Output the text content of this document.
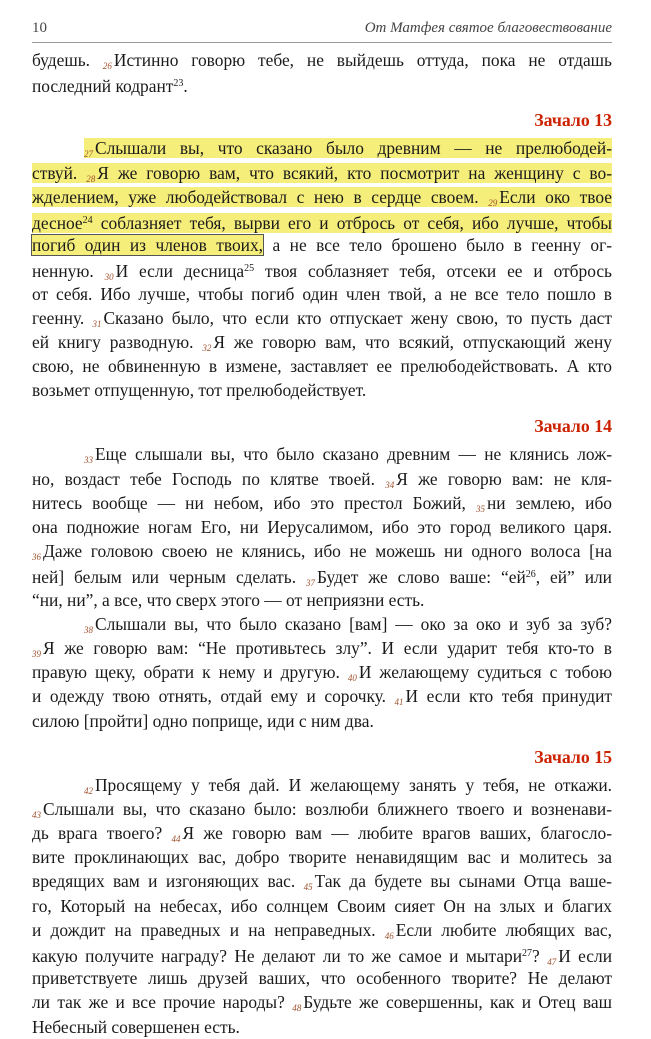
10	От Матфея святое благовествование
будешь. 26 Истинно говорю тебе, не выйдешь оттуда, пока не отдашь
последний кодрант$^{23}$.
Зачало 13
27 Слышали вы, что сказано было древним — не прелюбодей-
ствуй. 28 Я же говорю вам, что всякий, кто посмотрит на женщину с во-
жделением, уже любодействовал с нею в сердце своем. 29 Если око твое
десное$^{24}$ соблазняет тебя, вырви его и отбрось от себя, ибо лучше, чтобы
погиб один из членов твоих, а не все тело брошено было в геенну ог-
ненную. 30 И если десница$^{25}$ твоя соблазняет тебя, отсеки ее и отбрось
от себя. Ибо лучше, чтобы погиб один член твой, а не все тело пошло в
геенну. 31 Сказано было, что если кто отпускает жену свою, то пусть даст
ей книгу разводную. 32 Я же говорю вам, что всякий, отпускающий жену
свою, не обвиненную в измене, заставляет ее прелюбодействовать. А кто
возьмет отпущенную, тот прелюбодействует.
Зачало 14
33 Еще слышали вы, что было сказано древним — не клянись лож-
но, воздаст тебе Господь по клятве твоей. 34 Я же говорю вам: не кля-
нитесь вообще — ни небом, ибо это престол Божий, 35 ни землею, ибо
она подножие ногам Его, ни Иерусалимом, ибо это город великого царя.
36 Даже головою своею не клянись, ибо не можешь ни одного волоса [на
ней] белым или черным сделать. 37 Будет же слово ваше: “ей$^{26}$, ей” или
“ни, ни”, а все, что сверх этого — от неприязни есть.
38 Слышали вы, что было сказано [вам] — око за око и зуб за зуб?
39 Я же говорю вам: “Не противьтесь злу”. И если ударит тебя кто-то в
правую щеку, обрати к нему и другую. 40 И желающему судиться с тобою
и одежду твою отнять, отдай ему и сорочку. 41 И если кто тебя принудит
силою [пройти] одно поприще, иди с ним два.
Зачало 15
42 Просящему у тебя дай. И желающему занять у тебя, не откажи.
43 Слышали вы, что сказано было: возлюби ближнего твоего и возненави-
дь врага твоего? 44 Я же говорю вам — любите врагов ваших, благосло-
вите проклинающих вас, добро творите ненавидящим вас и молитесь за
вредящих вам и изгоняющих вас. 45 Так да будете вы сынами Отца ваше-
го, Который на небесах, ибо солнцем Своим сияет Он на злых и благих
и дождит на праведных и на неправедных. 46 Если любите любящих вас,
какую получите награду? Не делают ли то же самое и мытари$^{27}$? 47 И если
приветствуете лишь друзей ваших, что особенного творите? Не делают
ли так же и все прочие народы? 48 Будьте же совершенны, как и Отец ваш
Небесный совершенен есть.
